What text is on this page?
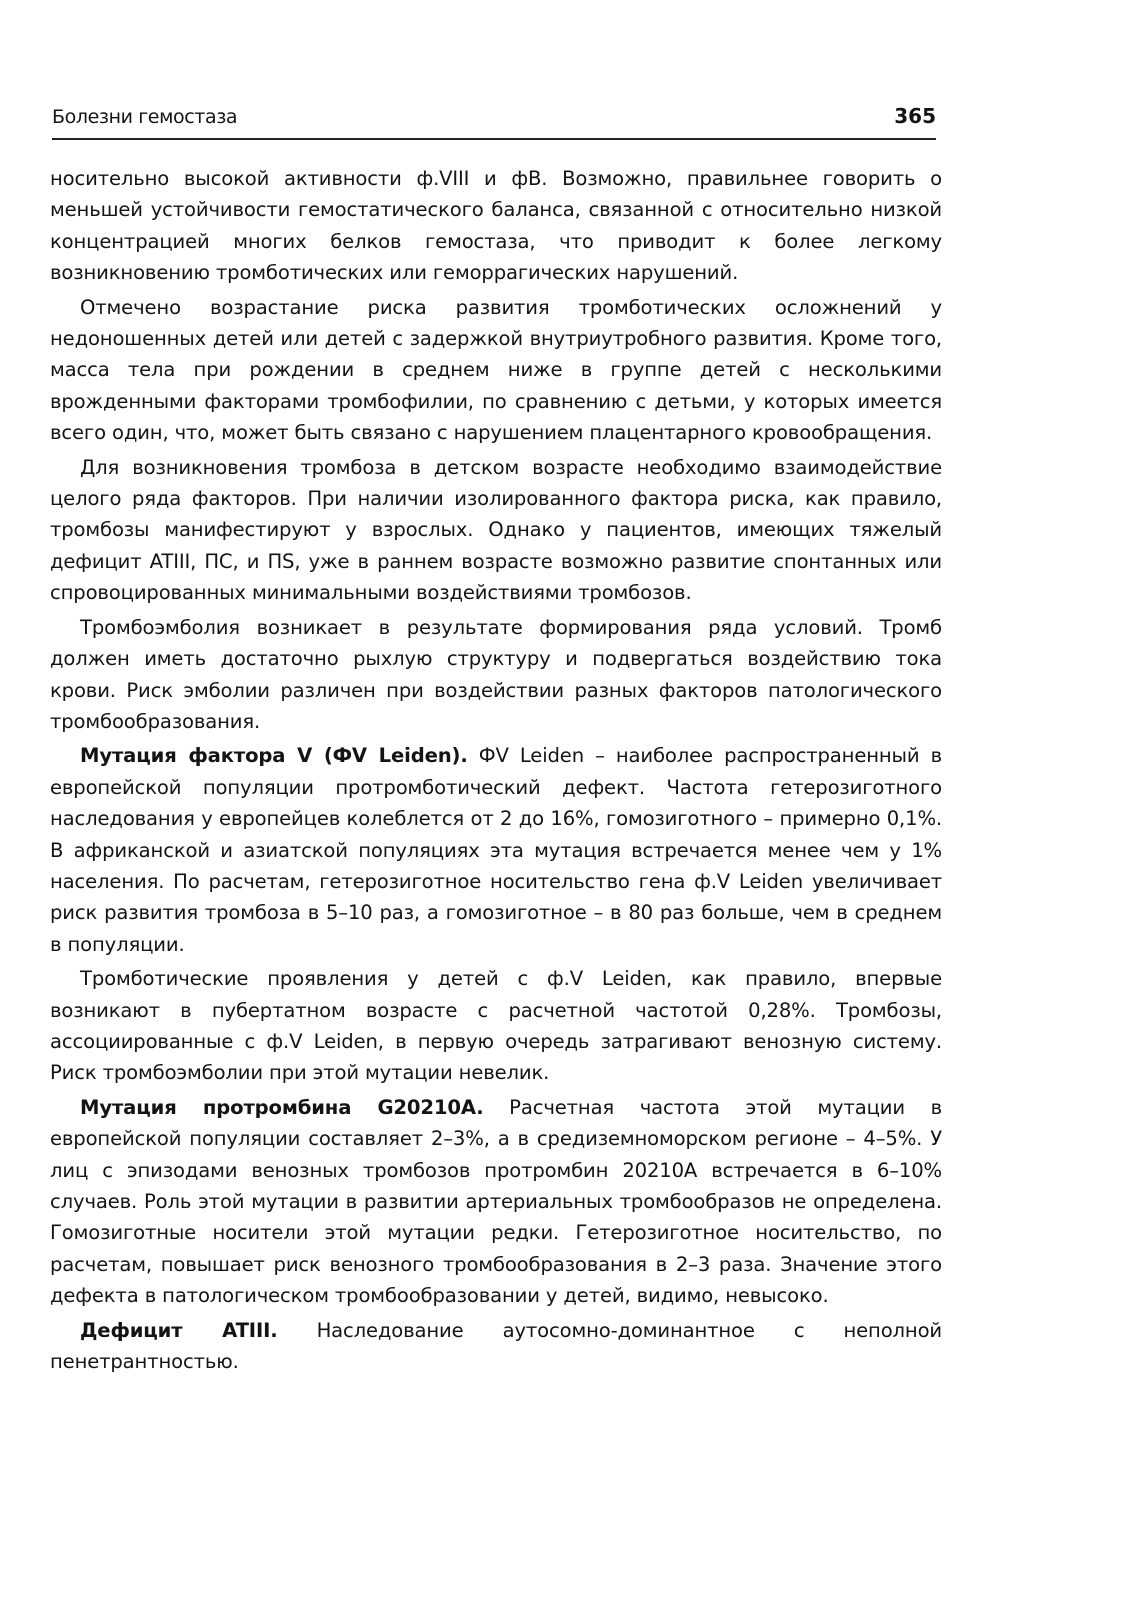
Болезни гемостаза	365

носительно высокой активности ф.VIII и фВ. Возможно, правильнее говорить о меньшей устойчивости гемостатического баланса, связанной с относительно низкой концентрацией многих белков гемостаза, что приводит к более легкому возникновению тромботических или геморрагических нарушений.

Отмечено возрастание риска развития тромботических осложнений у недоношенных детей или детей с задержкой внутриутробного развития. Кроме того, масса тела при рождении в среднем ниже в группе детей с несколькими врожденными факторами тромбофилии, по сравнению с детьми, у которых имеется всего один, что, может быть связано с нарушением плацентарного кровообращения.

Для возникновения тромбоза в детском возрасте необходимо взаимодействие целого ряда факторов. При наличии изолированного фактора риска, как правило, тромбозы манифестируют у взрослых. Однако у пациентов, имеющих тяжелый дефицит ATIII, ПС, и ПS, уже в раннем возрасте возможно развитие спонтанных или спровоцированных минимальными воздействиями тромбозов.

Тромбоэмболия возникает в результате формирования ряда условий. Тромб должен иметь достаточно рыхлую структуру и подвергаться воздействию тока крови. Риск эмболии различен при воздействии разных факторов патологического тромбообразования.

Мутация фактора V (ФV Leiden). ФV Leiden – наиболее распространенный в европейской популяции протромботический дефект. Частота гетерозиготного наследования у европейцев колеблется от 2 до 16%, гомозиготного – примерно 0,1%. В африканской и азиатской популяциях эта мутация встречается менее чем у 1% населения. По расчетам, гетерозиготное носительство гена ф.V Leiden увеличивает риск развития тромбоза в 5–10 раз, а гомозиготное – в 80 раз больше, чем в среднем в популяции.

Тромботические проявления у детей с ф.V Leiden, как правило, впервые возникают в пубертатном возрасте с расчетной частотой 0,28%. Тромбозы, ассоциированные с ф.V Leiden, в первую очередь затрагивают венозную систему. Риск тромбоэмболии при этой мутации невелик.

Мутация протромбина G20210A. Расчетная частота этой мутации в европейской популяции составляет 2–3%, а в средиземноморском регионе – 4–5%. У лиц с эпизодами венозных тромбозов протромбин 20210A встречается в 6–10% случаев. Роль этой мутации в развитии артериальных тромбообразов не определена. Гомозиготные носители этой мутации редки. Гетерозиготное носительство, по расчетам, повышает риск венозного тромбообразования в 2–3 раза. Значение этого дефекта в патологическом тромбообразовании у детей, видимо, невысоко.

Дефицит ATIII. Наследование аутосомно-доминантное с неполной пенетрантностью.
